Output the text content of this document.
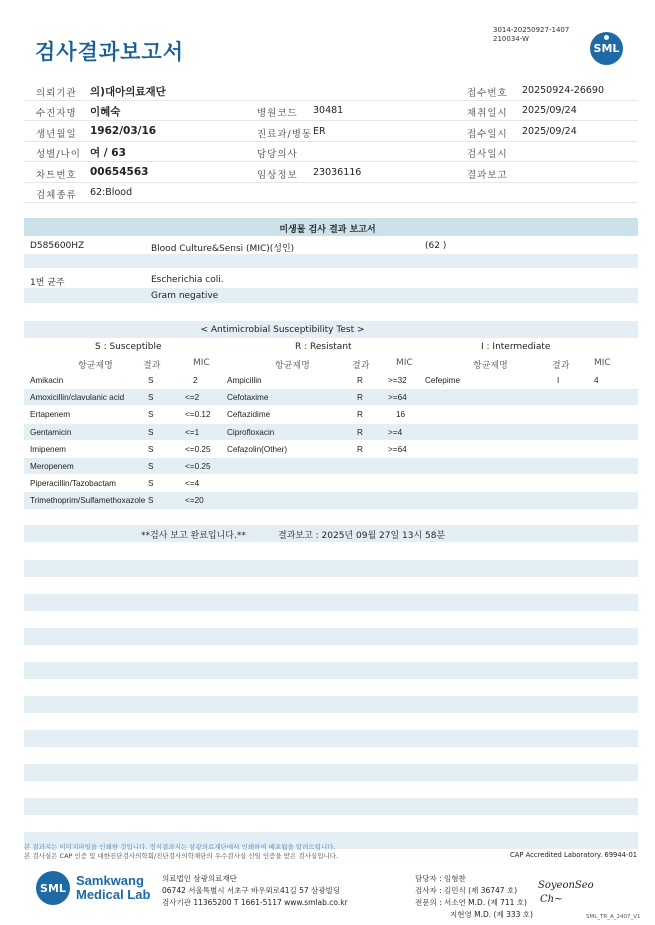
검사결과보고서
3014-20250927-1407
210034-W
SML
의뢰기관 의)대아의료재단	접수번호 20250924-26690
수진자명 이혜숙	병원코드 30481	채취일시 2025/09/24
생년월일 1962/03/16	진료과/병동 ER	접수일시 2025/09/24
성별/나이 여 / 63	담당의사	검사일시
차트번호 00654563	임상정보 23036116	결과보고
검체종류 62:Blood
미생물 검사 결과 보고서
D585600HZ	Blood Culture&Sensi (MIC)(성인)	(62 )
1번 균주	Escherichia coli.
Gram negative
< Antimicrobial Susceptibility Test >
S : Susceptible	R : Resistant	I : Intermediate
항균제명	결과	MIC	항균제명	결과	MIC	항균제명	결과	MIC
Amikacin	S	2	Ampicillin	R	>=32 Cefepime	I	4
Amoxicillin/clavulanic acid	S	<=2	Cefotaxime	R	>=64
Ertapenem	S	<=0.12 Ceftazidime	R	16
Gentamicin	S	<=1	Ciprofloxacin	R	>=4
Imipenem	S	<=0.25 Cefazolin(Other)	R	>=64
Meropenem	S	<=0.25
Piperacillin/Tazobactam	S	<=4
Trimethoprim/Sulfamethoxazole S	<=20
**검사 보고 완료입니다.**	결과보고 : 2025년 09월 27일 13시 58분
본 결과지는 이미지파일을 인쇄한 것입니다. 정식결과지는 삼광의료재단에서 인쇄하여 배포됨을 알려드립니다.
본 검사실은 CAP 인증 및 대한진단검사의학회/진단검사의학재단의 우수검사실 신임 인증을 받은 검사실입니다.	CAP Accredited Laboratory. 69944-01
SML Samkwang
Medical Lab
의료법인 삼광의료재단
06742 서울특별시 서초구 바우뫼로41길 57 삼광빌딩
검사기관 11365200 T 1661-5117 www.smlab.co.kr
담당자 : 임형찬
검사자 : 김민식 (제 36747 호)
전문의 : 서소연 M.D. (제 711 호)
지현영 M.D. (제 333 호)
SoyeonSeo
Ch~
SML_TR_A_2407_V1
